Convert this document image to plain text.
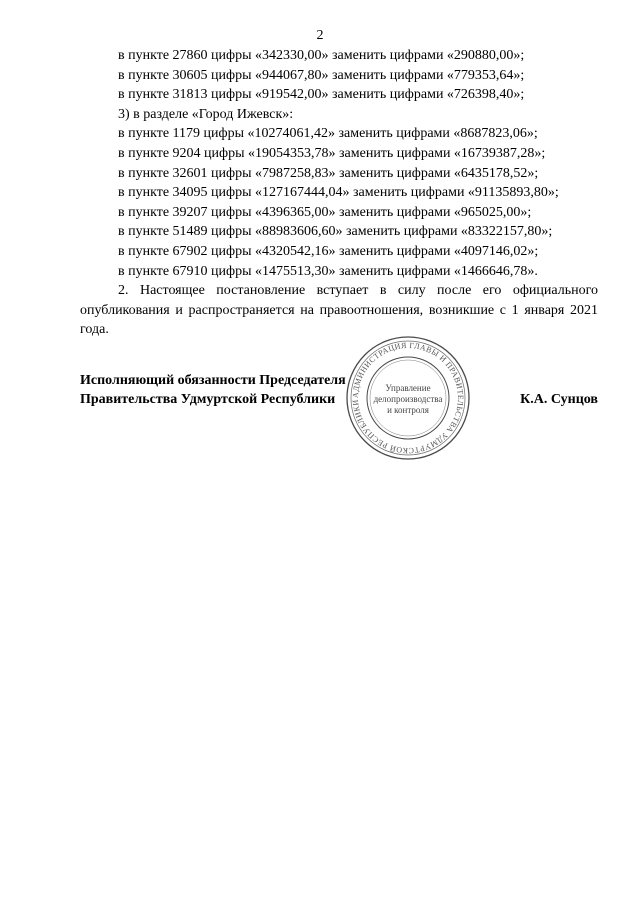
2
в пункте 27860 цифры «342330,00» заменить цифрами «290880,00»;
в пункте 30605 цифры «944067,80» заменить цифрами «779353,64»;
в пункте 31813 цифры «919542,00» заменить цифрами «726398,40»;
3) в разделе «Город Ижевск»:
в пункте 1179 цифры «10274061,42» заменить цифрами «8687823,06»;
в пункте 9204 цифры «19054353,78» заменить цифрами «16739387,28»;
в пункте 32601 цифры «7987258,83» заменить цифрами «6435178,52»;
в пункте 34095 цифры «127167444,04» заменить цифрами «91135893,80»;
в пункте 39207 цифры «4396365,00» заменить цифрами «965025,00»;
в пункте 51489 цифры «88983606,60» заменить цифрами «83322157,80»;
в пункте 67902 цифры «4320542,16» заменить цифрами «4097146,02»;
в пункте 67910 цифры «1475513,30» заменить цифрами «1466646,78».

2. Настоящее постановление вступает в силу после его официального опубликования и распространяется на правоотношения, возникшие с 1 января 2021 года.

Исполняющий обязанности Председателя
Правительства Удмуртской Республики	К.А. Сунцов
АДМИНИСТРАЦИЯ ГЛАВЫ И ПРАВИТЕЛЬСТВА УДМУРТСКОЙ РЕСПУБЛИКИ
Управление
делопроизводства
и контроля
